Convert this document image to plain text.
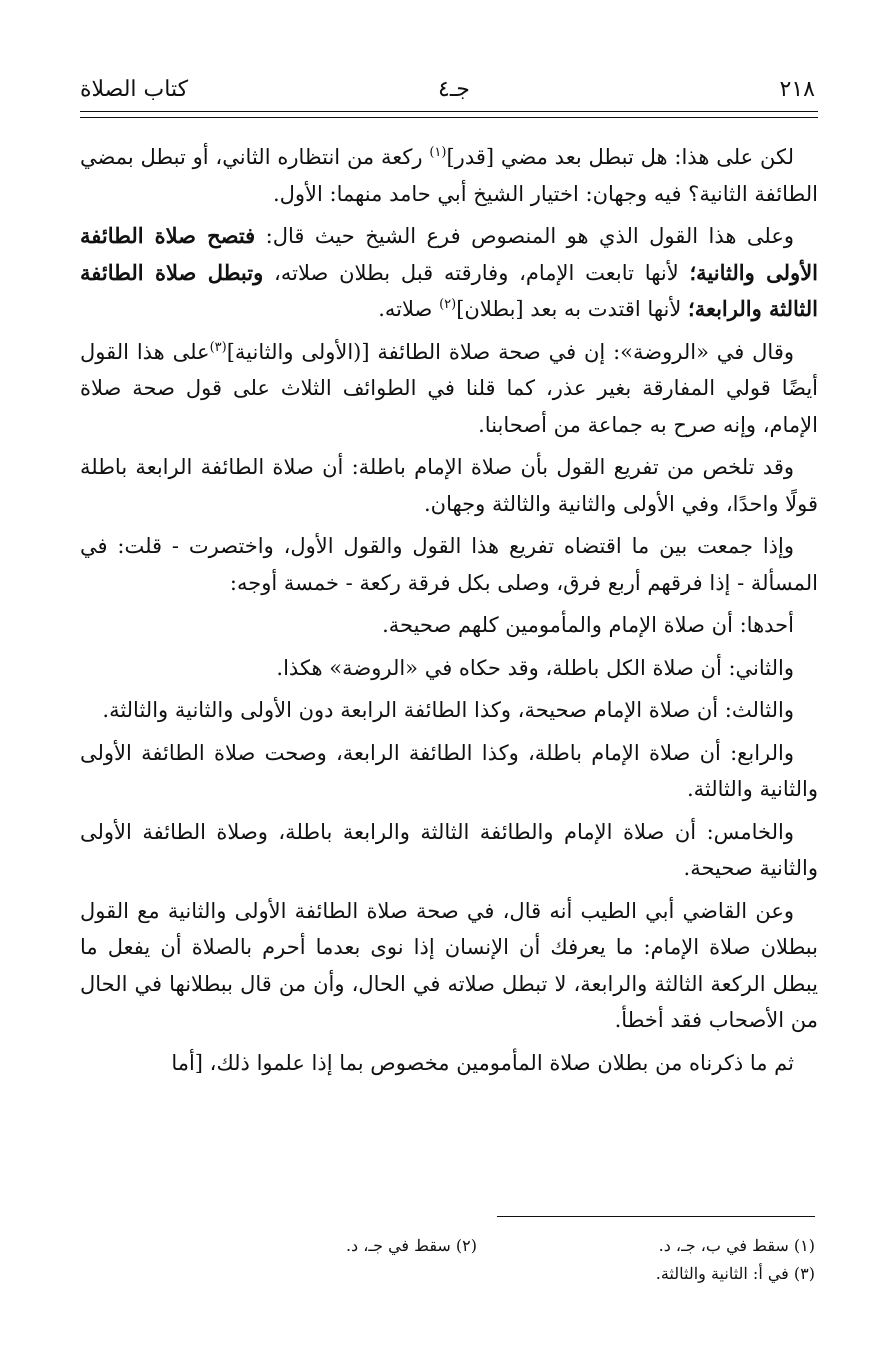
٢١٨
جـ٤
كتاب الصلاة

لكن على هذا: هل تبطل بعد مضي [قدر]$^{(١)}$ ركعة من انتظاره الثاني، أو تبطل بمضي الطائفة الثانية؟ فيه وجهان: اختيار الشيخ أبي حامد منهما: الأول.

وعلى هذا القول الذي هو المنصوص فرع الشيخ حيث قال: فتصح صلاة الطائفة الأولى والثانية؛ لأنها تابعت الإمام، وفارقته قبل بطلان صلاته، وتبطل صلاة الطائفة الثالثة والرابعة؛ لأنها اقتدت به بعد [بطلان]$^{(٢)}$ صلاته.

وقال في «الروضة»: إن في صحة صلاة الطائفة [(الأولى والثانية]$^{(٣)}$على هذا القول أيضًا قولي المفارقة بغير عذر، كما قلنا في الطوائف الثلاث على قول صحة صلاة الإمام، وإنه صرح به جماعة من أصحابنا.

وقد تلخص من تفريع القول بأن صلاة الإمام باطلة: أن صلاة الطائفة الرابعة باطلة قولًا واحدًا، وفي الأولى والثانية والثالثة وجهان.

وإذا جمعت بين ما اقتضاه تفريع هذا القول والقول الأول، واختصرت - قلت: في المسألة - إذا فرقهم أربع فرق، وصلى بكل فرقة ركعة - خمسة أوجه:

أحدها: أن صلاة الإمام والمأمومين كلهم صحيحة.

والثاني: أن صلاة الكل باطلة، وقد حكاه في «الروضة» هكذا.

والثالث: أن صلاة الإمام صحيحة، وكذا الطائفة الرابعة دون الأولى والثانية والثالثة.

والرابع: أن صلاة الإمام باطلة، وكذا الطائفة الرابعة، وصحت صلاة الطائفة الأولى والثانية والثالثة.

والخامس: أن صلاة الإمام والطائفة الثالثة والرابعة باطلة، وصلاة الطائفة الأولى والثانية صحيحة.

وعن القاضي أبي الطيب أنه قال، في صحة صلاة الطائفة الأولى والثانية مع القول ببطلان صلاة الإمام: ما يعرفك أن الإنسان إذا نوى بعدما أحرم بالصلاة أن يفعل ما يبطل الركعة الثالثة والرابعة، لا تبطل صلاته في الحال، وأن من قال ببطلانها في الحال من الأصحاب فقد أخطأ.

ثم ما ذكرناه من بطلان صلاة المأمومين مخصوص بما إذا علموا ذلك، [أما

(١) سقط في ب، جـ، د.
(٢) سقط في جـ، د.
(٣) في أ: الثانية والثالثة.
